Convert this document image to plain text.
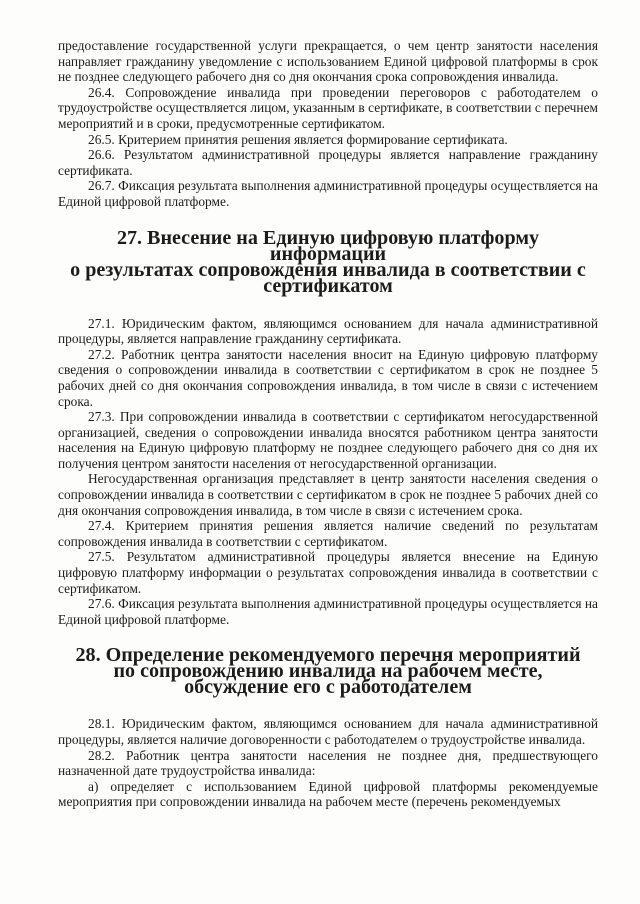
предоставление государственной услуги прекращается, о чем центр занятости населения направляет гражданину уведомление с использованием Единой цифровой платформы в срок не позднее следующего рабочего дня со дня окончания срока сопровождения инвалида.

26.4. Сопровождение инвалида при проведении переговоров с работодателем о трудоустройстве осуществляется лицом, указанным в сертификате, в соответствии с перечнем мероприятий и в сроки, предусмотренные сертификатом.

26.5. Критерием принятия решения является формирование сертификата.

26.6. Результатом административной процедуры является направление гражданину сертификата.

26.7. Фиксация результата выполнения административной процедуры осуществляется на Единой цифровой платформе.

27. Внесение на Единую цифровую платформу информации
о результатах сопровождения инвалида в соответствии с сертификатом

27.1. Юридическим фактом, являющимся основанием для начала административной процедуры, является направление гражданину сертификата.

27.2. Работник центра занятости населения вносит на Единую цифровую платформу сведения о сопровождении инвалида в соответствии с сертификатом в срок не позднее 5 рабочих дней со дня окончания сопровождения инвалида, в том числе в связи с истечением срока.

27.3. При сопровождении инвалида в соответствии с сертификатом негосударственной организацией, сведения о сопровождении инвалида вносятся работником центра занятости населения на Единую цифровую платформу не позднее следующего рабочего дня со дня их получения центром занятости населения от негосударственной организации.

Негосударственная организация представляет в центр занятости населения сведения о сопровождении инвалида в соответствии с сертификатом в срок не позднее 5 рабочих дней со дня окончания сопровождения инвалида, в том числе в связи с истечением срока.

27.4. Критерием принятия решения является наличие сведений по результатам сопровождения инвалида в соответствии с сертификатом.

27.5. Результатом административной процедуры является внесение на Единую цифровую платформу информации о результатах сопровождения инвалида в соответствии с сертификатом.

27.6. Фиксация результата выполнения административной процедуры осуществляется на Единой цифровой платформе.

28. Определение рекомендуемого перечня мероприятий
по сопровождению инвалида на рабочем месте,
обсуждение его с работодателем

28.1. Юридическим фактом, являющимся основанием для начала административной процедуры, является наличие договоренности с работодателем о трудоустройстве инвалида.

28.2. Работник центра занятости населения не позднее дня, предшествующего назначенной дате трудоустройства инвалида:

а) определяет с использованием Единой цифровой платформы рекомендуемые мероприятия при сопровождении инвалида на рабочем месте (перечень рекомендуемых
